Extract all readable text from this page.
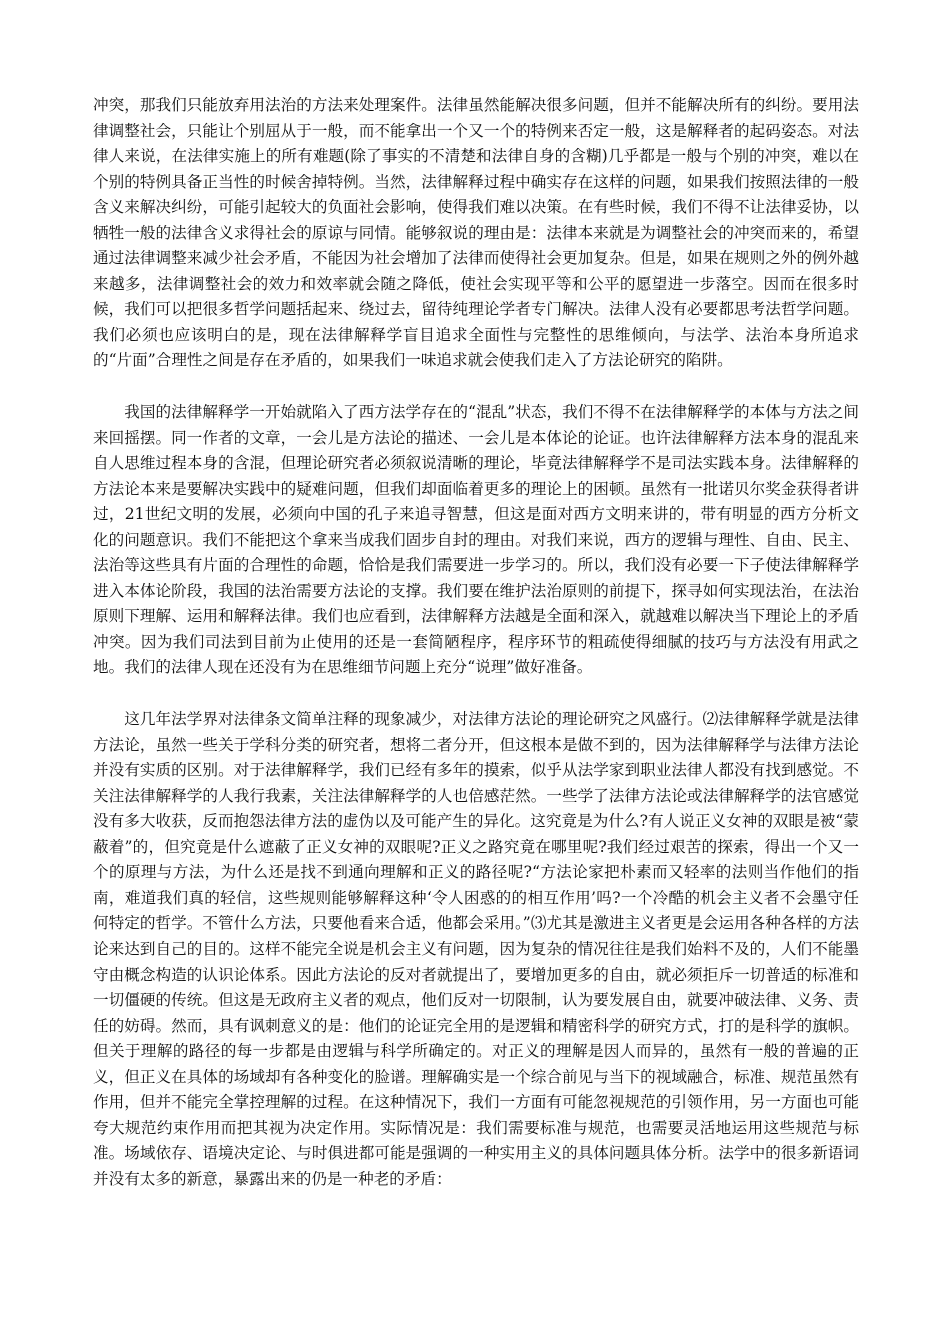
冲突，那我们只能放弃用法治的方法来处理案件。法律虽然能解决很多问题，但并不能解决所有的纠纷。要用法律调整社会，只能让个别屈从于一般，而不能拿出一个又一个的特例来否定一般，这是解释者的起码姿态。对法律人来说，在法律实施上的所有难题(除了事实的不清楚和法律自身的含糊)几乎都是一般与个别的冲突，难以在个别的特例具备正当性的时候舍掉特例。当然，法律解释过程中确实存在这样的问题，如果我们按照法律的一般含义来解决纠纷，可能引起较大的负面社会影响，使得我们难以决策。在有些时候，我们不得不让法律妥协，以牺牲一般的法律含义求得社会的原谅与同情。能够叙说的理由是：法律本来就是为调整社会的冲突而来的，希望通过法律调整来减少社会矛盾，不能因为社会增加了法律而使得社会更加复杂。但是，如果在规则之外的例外越来越多，法律调整社会的效力和效率就会随之降低，使社会实现平等和公平的愿望进一步落空。因而在很多时候，我们可以把很多哲学问题括起来、绕过去，留待纯理论学者专门解决。法律人没有必要都思考法哲学问题。我们必须也应该明白的是，现在法律解释学盲目追求全面性与完整性的思维倾向，与法学、法治本身所追求的“片面”合理性之间是存在矛盾的，如果我们一味追求就会使我们走入了方法论研究的陷阱。

我国的法律解释学一开始就陷入了西方法学存在的“混乱”状态，我们不得不在法律解释学的本体与方法之间来回摇摆。同一作者的文章，一会儿是方法论的描述、一会儿是本体论的论证。也许法律解释方法本身的混乱来自人思维过程本身的含混，但理论研究者必须叙说清晰的理论，毕竟法律解释学不是司法实践本身。法律解释的方法论本来是要解决实践中的疑难问题，但我们却面临着更多的理论上的困顿。虽然有一批诺贝尔奖金获得者讲过，21世纪文明的发展，必须向中国的孔子来追寻智慧，但这是面对西方文明来讲的，带有明显的西方分析文化的问题意识。我们不能把这个拿来当成我们固步自封的理由。对我们来说，西方的逻辑与理性、自由、民主、法治等这些具有片面的合理性的命题，恰恰是我们需要进一步学习的。所以，我们没有必要一下子使法律解释学进入本体论阶段，我国的法治需要方法论的支撑。我们要在维护法治原则的前提下，探寻如何实现法治，在法治原则下理解、运用和解释法律。我们也应看到，法律解释方法越是全面和深入，就越难以解决当下理论上的矛盾冲突。因为我们司法到目前为止使用的还是一套简陋程序，程序环节的粗疏使得细腻的技巧与方法没有用武之地。我们的法律人现在还没有为在思维细节问题上充分“说理”做好准备。

这几年法学界对法律条文简单注释的现象减少，对法律方法论的理论研究之风盛行。⑵法律解释学就是法律方法论，虽然一些关于学科分类的研究者，想将二者分开，但这根本是做不到的，因为法律解释学与法律方法论并没有实质的区别。对于法律解释学，我们已经有多年的摸索，似乎从法学家到职业法律人都没有找到感觉。不关注法律解释学的人我行我素，关注法律解释学的人也倍感茫然。一些学了法律方法论或法律解释学的法官感觉没有多大收获，反而抱怨法律方法的虚伪以及可能产生的异化。这究竟是为什么?有人说正义女神的双眼是被“蒙蔽着”的，但究竟是什么遮蔽了正义女神的双眼呢?正义之路究竟在哪里呢?我们经过艰苦的探索，得出一个又一个的原理与方法，为什么还是找不到通向理解和正义的路径呢?“方法论家把朴素而又轻率的法则当作他们的指南，难道我们真的轻信，这些规则能够解释这种‘令人困惑的的相互作用’吗?一个冷酷的机会主义者不会墨守任何特定的哲学。不管什么方法，只要他看来合适，他都会采用。”⑶尤其是激进主义者更是会运用各种各样的方法论来达到自己的目的。这样不能完全说是机会主义有问题，因为复杂的情况往往是我们始料不及的，人们不能墨守由概念构造的认识论体系。因此方法论的反对者就提出了，要增加更多的自由，就必须拒斥一切普适的标准和一切僵硬的传统。但这是无政府主义者的观点，他们反对一切限制，认为要发展自由，就要冲破法律、义务、责任的妨碍。然而，具有讽刺意义的是：他们的论证完全用的是逻辑和精密科学的研究方式，打的是科学的旗帜。但关于理解的路径的每一步都是由逻辑与科学所确定的。对正义的理解是因人而异的，虽然有一般的普遍的正义，但正义在具体的场域却有各种变化的脸谱。理解确实是一个综合前见与当下的视域融合，标准、规范虽然有作用，但并不能完全掌控理解的过程。在这种情况下，我们一方面有可能忽视规范的引领作用，另一方面也可能夸大规范约束作用而把其视为决定作用。实际情况是：我们需要标准与规范，也需要灵活地运用这些规范与标准。场域依存、语境决定论、与时俱进都可能是强调的一种实用主义的具体问题具体分析。法学中的很多新语词并没有太多的新意，暴露出来的仍是一种老的矛盾：
